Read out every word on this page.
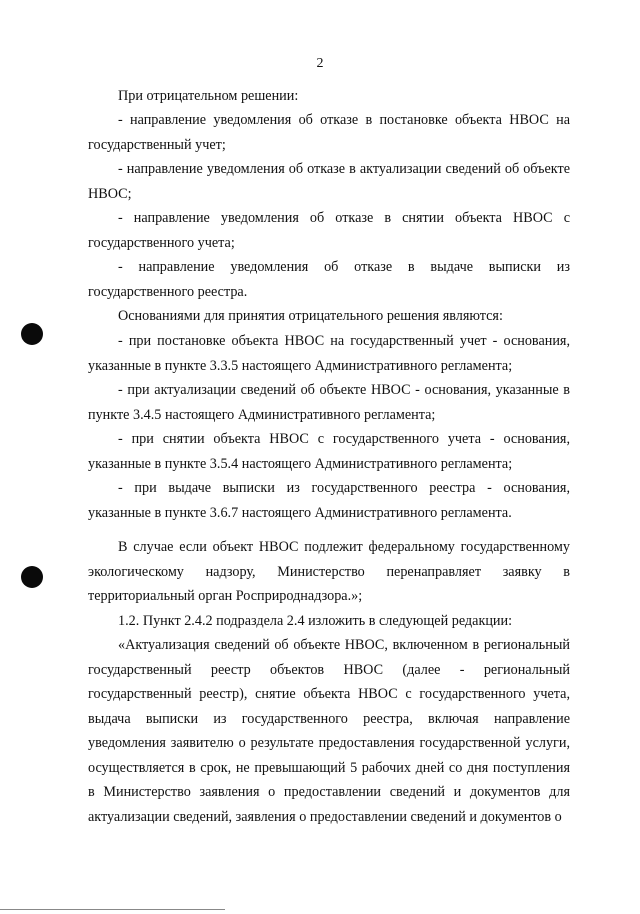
2

При отрицательном решении:

- направление уведомления об отказе в постановке объекта НВОС на
государственный учет;
- направление уведомления об отказе в актуализации сведений об объекте
НВОС;
- направление уведомления об отказе в снятии объекта НВОС с
государственного учета;
- направление уведомления об отказе в выдаче выписки из
государственного реестра.

Основаниями для принятия отрицательного решения являются:

- при постановке объекта НВОС на государственный учет - основания,
указанные в пункте 3.3.5 настоящего Административного регламента;
- при актуализации сведений об объекте НВОС - основания, указанные в
пункте 3.4.5 настоящего Административного регламента;
- при снятии объекта НВОС с государственного учета - основания,
указанные в пункте 3.5.4 настоящего Административного регламента;
- при выдаче выписки из государственного реестра - основания,
указанные в пункте 3.6.7 настоящего Административного регламента.
В случае если объект НВОС подлежит федеральному государственному
экологическому надзору, Министерство перенаправляет заявку в
территориальный орган Росприроднадзора.»;

1.2. Пункт 2.4.2 подраздела 2.4 изложить в следующей редакции:

«Актуализация сведений об объекте НВОС, включенном в региональный
государственный реестр объектов НВОС (далее - региональный
государственный реестр), снятие объекта НВОС с государственного учета,
выдача выписки из государственного реестра, включая направление
уведомления заявителю о результате предоставления государственной услуги,
осуществляется в срок, не превышающий 5 рабочих дней со дня поступления
в Министерство заявления о предоставлении сведений и документов для
актуализации сведений, заявления о предоставлении сведений и документов о
